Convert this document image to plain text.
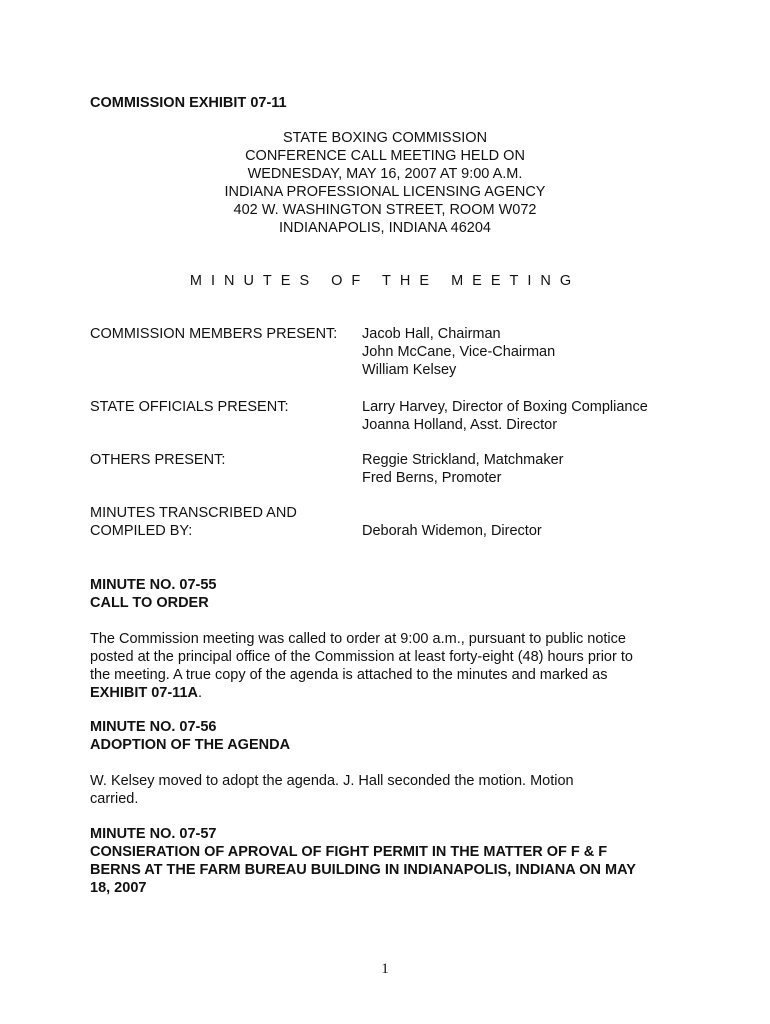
COMMISSION EXHIBIT 07-11
STATE BOXING COMMISSION
CONFERENCE CALL MEETING HELD ON
WEDNESDAY, MAY 16, 2007 AT 9:00 A.M.
INDIANA PROFESSIONAL LICENSING AGENCY
402 W. WASHINGTON STREET, ROOM W072
INDIANAPOLIS, INDIANA 46204
MINUTES OF THE MEETING
COMMISSION MEMBERS PRESENT: Jacob Hall, Chairman
John McCane, Vice-Chairman
William Kelsey
STATE OFFICIALS PRESENT:	Larry Harvey, Director of Boxing Compliance
Joanna Holland, Asst. Director
OTHERS PRESENT:	Reggie Strickland, Matchmaker
Fred Berns, Promoter
MINUTES TRANSCRIBED AND
COMPILED BY:	Deborah Widemon, Director
MINUTE NO. 07-55
CALL TO ORDER
The Commission meeting was called to order at 9:00 a.m., pursuant to public notice
posted at the principal office of the Commission at least forty-eight (48) hours prior to
the meeting. A true copy of the agenda is attached to the minutes and marked as
EXHIBIT 07-11A.
MINUTE NO. 07-56
ADOPTION OF THE AGENDA
W. Kelsey moved to adopt the agenda. J. Hall seconded the motion. Motion
carried.
MINUTE NO. 07-57
CONSIERATION OF APROVAL OF FIGHT PERMIT IN THE MATTER OF F & F
BERNS AT THE FARM BUREAU BUILDING IN INDIANAPOLIS, INDIANA ON MAY
18, 2007
1
